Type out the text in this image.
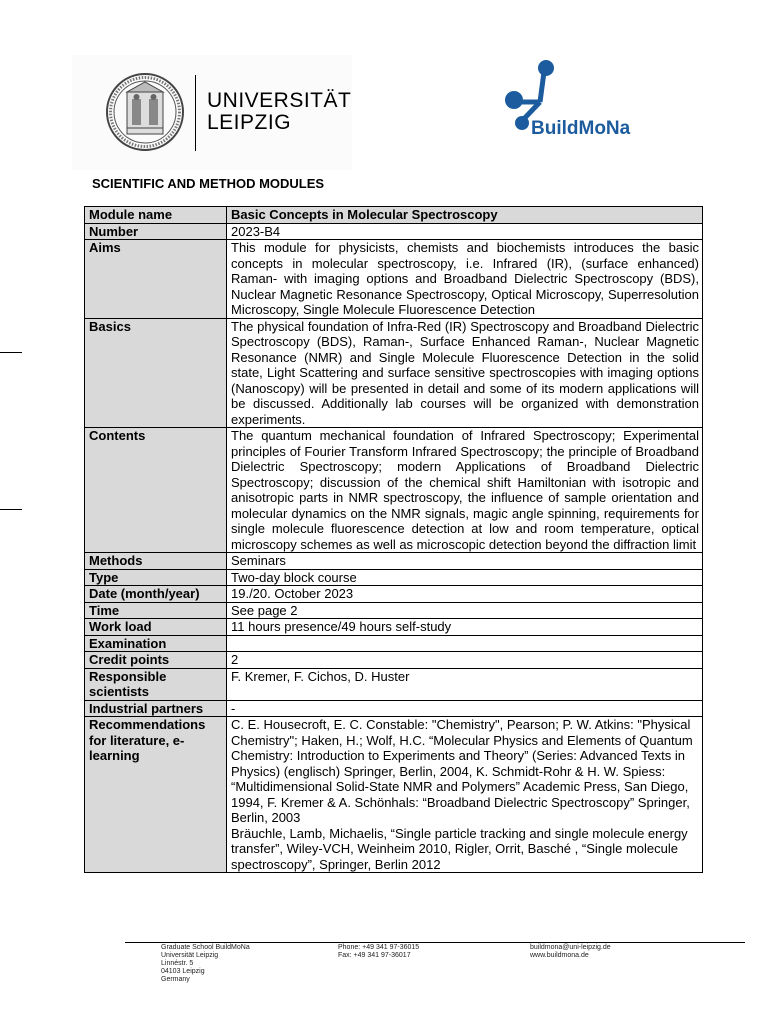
UNIVERSITÄT
LEIPZIG	BuildMoNa
SCIENTIFIC AND METHOD MODULES
Module name	Basic Concepts in Molecular Spectroscopy
Number	2023-B4
Aims	This module for physicists, chemists and biochemists introduces the basic concepts in molecular spectroscopy, i.e. Infrared (IR), (surface enhanced) Raman- with imaging options and Broadband Dielectric Spectroscopy (BDS), Nuclear Magnetic Resonance Spectroscopy, Optical Microscopy, Superresolution Microscopy, Single Molecule Fluorescence Detection
Basics	The physical foundation of Infra-Red (IR) Spectroscopy and Broadband Dielectric Spectroscopy (BDS), Raman-, Surface Enhanced Raman-, Nuclear Magnetic Resonance (NMR) and Single Molecule Fluorescence Detection in the solid state, Light Scattering and surface sensitive spectroscopies with imaging options (Nanoscopy) will be presented in detail and some of its modern applications will be discussed. Additionally lab courses will be organized with demonstration experiments.
Contents	The quantum mechanical foundation of Infrared Spectroscopy; Experimental principles of Fourier Transform Infrared Spectroscopy; the principle of Broadband Dielectric Spectroscopy; modern Applications of Broadband Dielectric Spectroscopy; discussion of the chemical shift Hamiltonian with isotropic and anisotropic parts in NMR spectroscopy, the influence of sample orientation and molecular dynamics on the NMR signals, magic angle spinning, requirements for single molecule fluorescence detection at low and room temperature, optical microscopy schemes as well as microscopic detection beyond the diffraction limit
Methods	Seminars
Type	Two-day block course
Date (month/year)	19./20. October 2023
Time	See page 2
Work load	11 hours presence/49 hours self-study
Examination	
Credit points	2
Responsible scientists	F. Kremer, F. Cichos, D. Huster
Industrial partners	-
Recommendations for literature, e-learning	C. E. Housecroft, E. C. Constable: "Chemistry", Pearson; P. W. Atkins: "Physical Chemistry"; Haken, H.; Wolf, H.C. “Molecular Physics and Elements of Quantum Chemistry: Introduction to Experiments and Theory” (Series: Advanced Texts in Physics) (englisch) Springer, Berlin, 2004, K. Schmidt-Rohr & H. W. Spiess: “Multidimensional Solid-State NMR and Polymers” Academic Press, San Diego, 1994, F. Kremer & A. Schönhals: “Broadband Dielectric Spectroscopy” Springer, Berlin, 2003
Bräuchle, Lamb, Michaelis, “Single particle tracking and single molecule energy transfer”, Wiley-VCH, Weinheim 2010, Rigler, Orrit, Basché , “Single molecule spectroscopy”, Springer, Berlin 2012
Graduate School BuildMoNa
Universität Leipzig
Linnéstr. 5
04103 Leipzig
Germany
Phone: +49 341 97-36015
Fax: +49 341 97-36017
buildmona@uni-leipzig.de
www.buildmona.de
